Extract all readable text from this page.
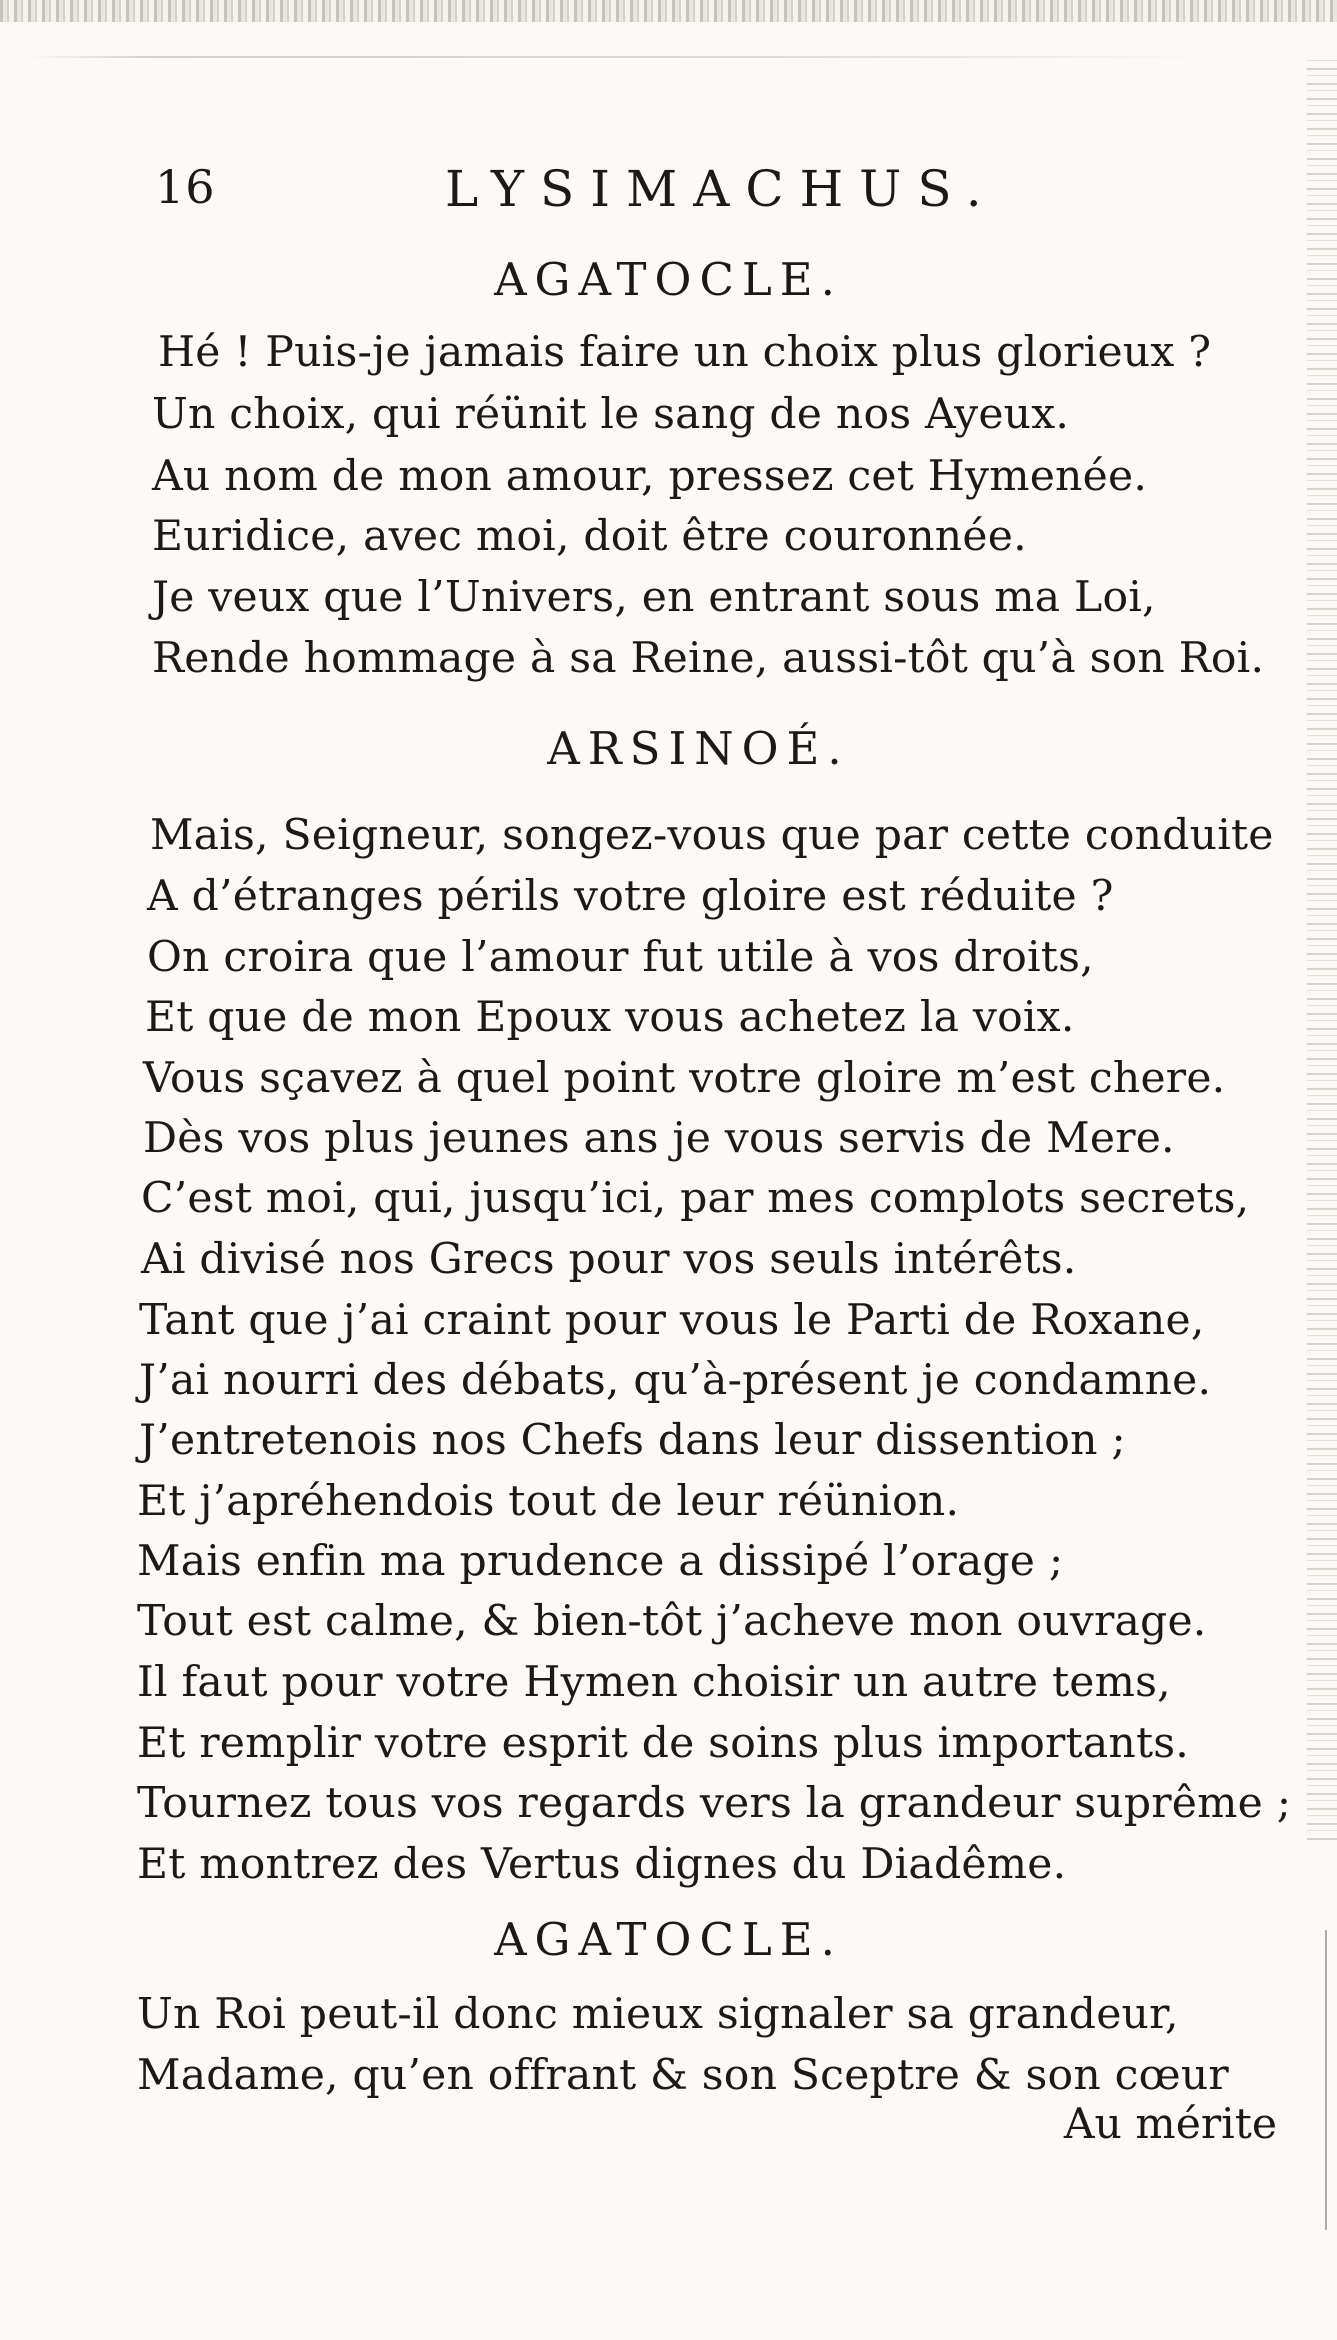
16	LYSIMACHUS.
AGATOCLE.
Hé ! Puis-je jamais faire un choix plus glorieux ?
Un choix, qui réünit le sang de nos Ayeux.
Au nom de mon amour, pressez cet Hymenée.
Euridice, avec moi, doit être couronnée.
Je veux que l’Univers, en entrant sous ma Loi,
Rende hommage à sa Reine, aussi-tôt qu’à son Roi.
ARSINOÉ.
Mais, Seigneur, songez-vous que par cette conduite
A d’étranges périls votre gloire est réduite ?
On croira que l’amour fut utile à vos droits,
Et que de mon Epoux vous achetez la voix.
Vous sçavez à quel point votre gloire m’est chere.
Dès vos plus jeunes ans je vous servis de Mere.
C’est moi, qui, jusqu’ici, par mes complots secrets,
Ai divisé nos Grecs pour vos seuls intérêts.
Tant que j’ai craint pour vous le Parti de Roxane,
J’ai nourri des débats, qu’à-présent je condamne.
J’entretenois nos Chefs dans leur dissention ;
Et j’apréhendois tout de leur réünion.
Mais enfin ma prudence a dissipé l’orage ;
Tout est calme, & bien-tôt j’acheve mon ouvrage.
Il faut pour votre Hymen choisir un autre tems,
Et remplir votre esprit de soins plus importants.
Tournez tous vos regards vers la grandeur suprême ;
Et montrez des Vertus dignes du Diadême.
AGATOCLE.
Un Roi peut-il donc mieux signaler sa grandeur,
Madame, qu’en offrant & son Sceptre & son cœur
Au mérite
